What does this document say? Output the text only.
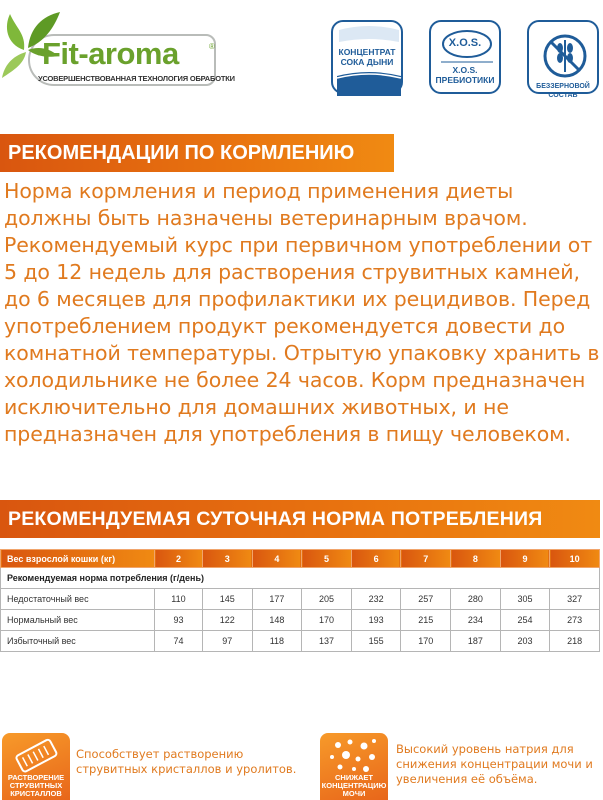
Fit-aroma	®
УСОВЕРШЕНСТВОВАННАЯ ТЕХНОЛОГИЯ ОБРАБОТКИ
КОНЦЕНТРАТ
СОКА ДЫНИ
X.O.S.
X.O.S.
ПРЕБИОТИКИ
БЕЗЗЕРНОВОЙ СОСТАВ
РЕКОМЕНДАЦИИ ПО КОРМЛЕНИЮ

Норма кормления и период применения диеты

должны быть назначены ветеринарным врачом.

Рекомендуемый курс при первичном употреблении от

5 до 12 недель для растворения струвитных камней,

до 6 месяцев для профилактики их рецидивов. Перед

употреблением продукт рекомендуется довести до

комнатной температуры. Отрытую упаковку хранить в

холодильнике не более 24 часов. Корм предназначен

исключительно для домашних животных, и не

предназначен для употребления в пищу человеком.

РЕКОМЕНДУЕМАЯ СУТОЧНАЯ НОРМА ПОТРЕБЛЕНИЯ
Вес взрослой кошки (кг)	2	3	4	5	6	7	8	9	10
Рекомендуемая норма потребления (г/день)									
Недостаточный вес	110	145	177	205	232	257	280	305	327
Нормальный вес	93	122	148	170	193	215	234	254	273
Избыточный вес	74	97	118	137	155	170	187	203	218
РАСТВОРЕНИЕ
СТРУВИТНЫХ
КРИСТАЛЛОВ
Способствует растворению
струвитных кристаллов и уролитов.
СНИЖАЕТ
КОНЦЕНТРАЦИЮ
МОЧИ
Высокий уровень натрия для
снижения концентрации мочи и
увеличения её объёма.
